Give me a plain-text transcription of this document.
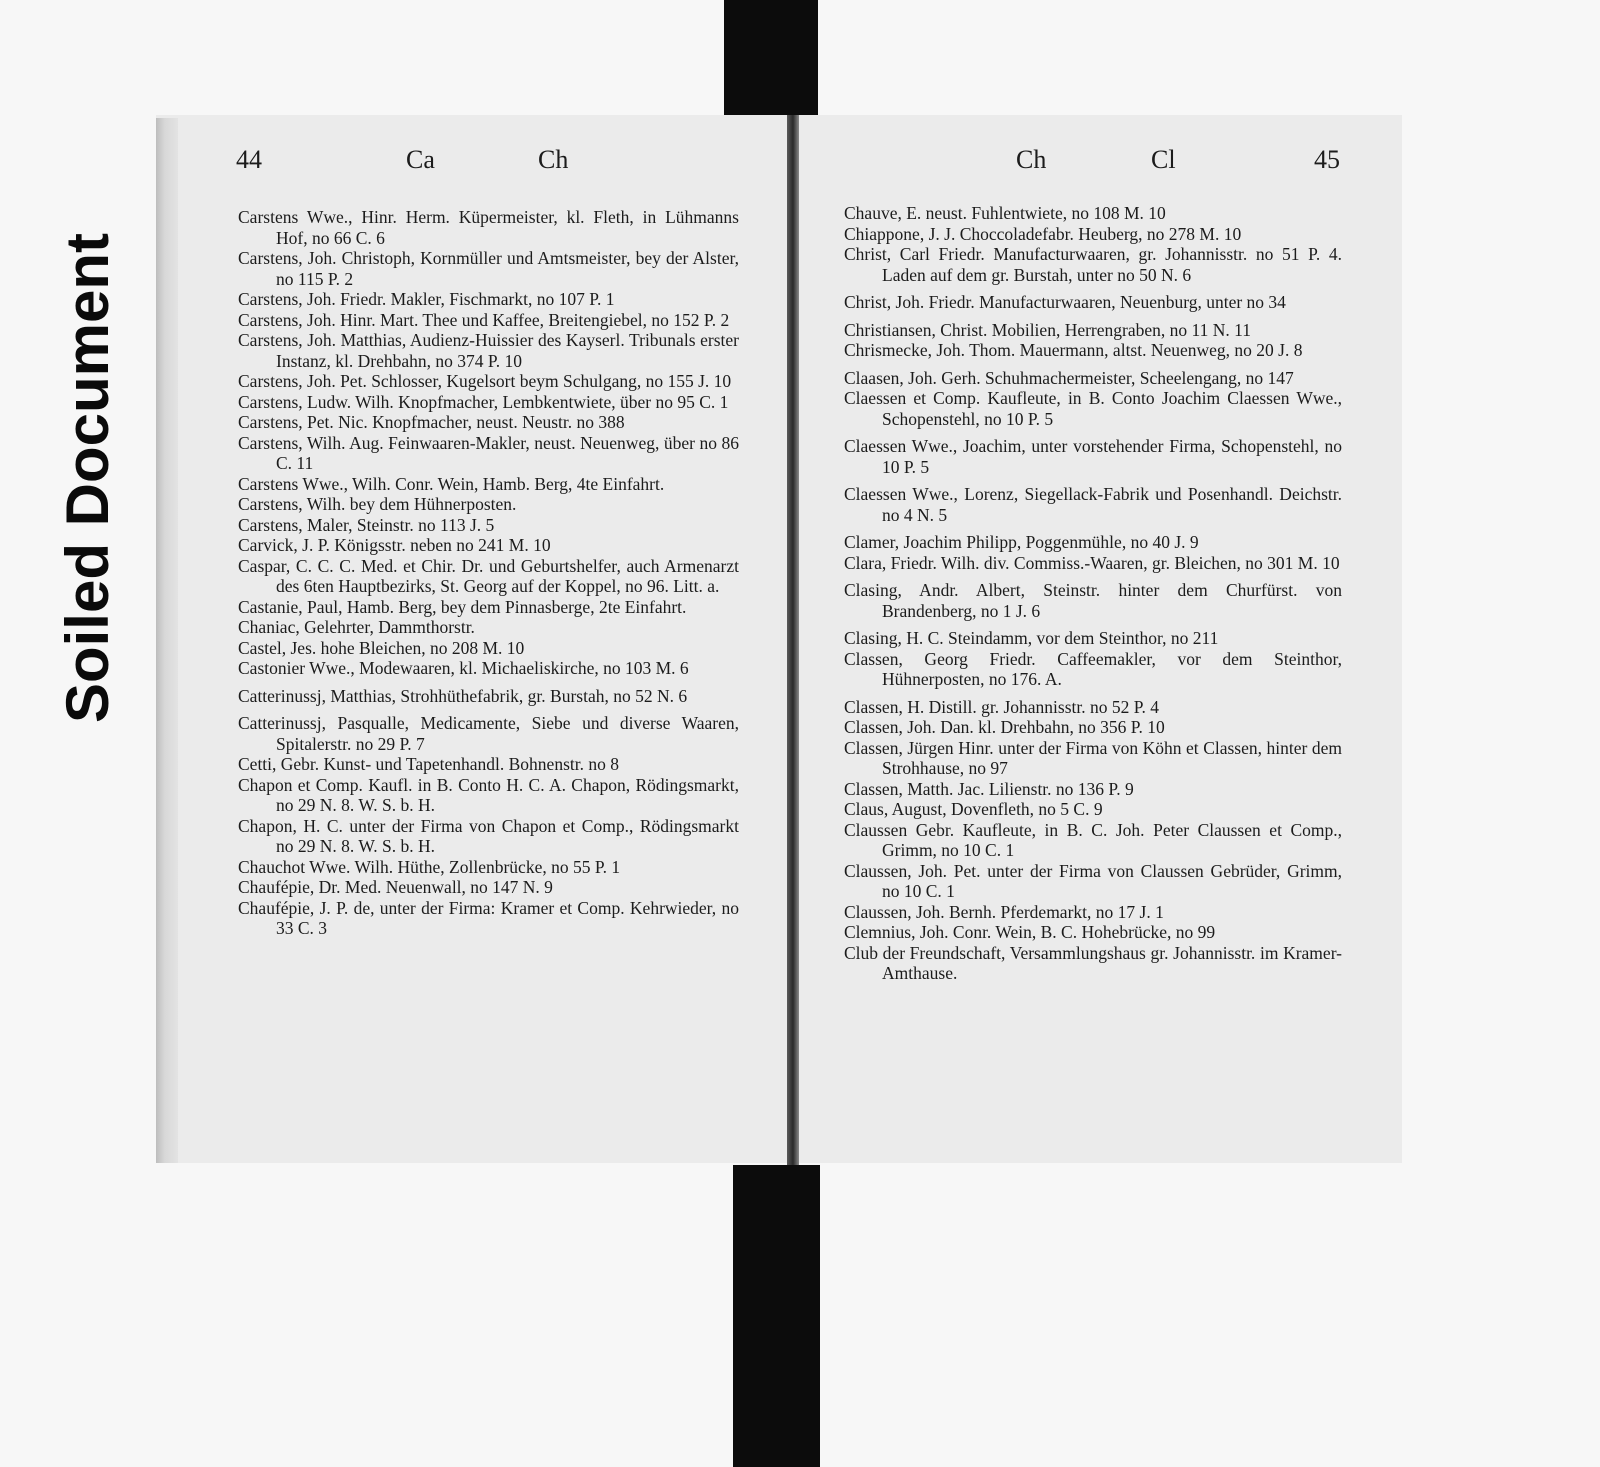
Soiled Document
44	Ca	Ch

Carstens Wwe., Hinr. Herm. Küpermeister, kl. Fleth, in Lühmanns Hof, no 66 C. 6

Carstens, Joh. Christoph, Kornmüller und Amtsmeister, bey der Alster, no 115 P. 2

Carstens, Joh. Friedr. Makler, Fischmarkt, no 107 P. 1

Carstens, Joh. Hinr. Mart. Thee und Kaffee, Breitengiebel, no 152 P. 2

Carstens, Joh. Matthias, Audienz-Huissier des Kayserl. Tribunals erster Instanz, kl. Drehbahn, no 374 P. 10

Carstens, Joh. Pet. Schlosser, Kugelsort beym Schulgang, no 155 J. 10

Carstens, Ludw. Wilh. Knopfmacher, Lembkentwiete, über no 95 C. 1

Carstens, Pet. Nic. Knopfmacher, neust. Neustr. no 388

Carstens, Wilh. Aug. Feinwaaren-Makler, neust. Neuenweg, über no 86 C. 11

Carstens Wwe., Wilh. Conr. Wein, Hamb. Berg, 4te Einfahrt.

Carstens, Wilh. bey dem Hühnerposten.

Carstens, Maler, Steinstr. no 113 J. 5

Carvick, J. P. Königsstr. neben no 241 M. 10

Caspar, C. C. C. Med. et Chir. Dr. und Geburtshelfer, auch Armenarzt des 6ten Hauptbezirks, St. Georg auf der Koppel, no 96. Litt. a.

Castanie, Paul, Hamb. Berg, bey dem Pinnasberge, 2te Einfahrt.

Chaniac, Gelehrter, Dammthorstr.

Castel, Jes. hohe Bleichen, no 208 M. 10

Castonier Wwe., Modewaaren, kl. Michaeliskirche, no 103 M. 6

Catterinussj, Matthias, Strohhüthefabrik, gr. Burstah, no 52 N. 6

Catterinussj, Pasqualle, Medicamente, Siebe und diverse Waaren, Spitalerstr. no 29 P. 7

Cetti, Gebr. Kunst- und Tapetenhandl. Bohnenstr. no 8

Chapon et Comp. Kaufl. in B. Conto H. C. A. Chapon, Rödingsmarkt, no 29 N. 8. W. S. b. H.

Chapon, H. C. unter der Firma von Chapon et Comp., Rödingsmarkt no 29 N. 8. W. S. b. H.

Chauchot Wwe. Wilh. Hüthe, Zollenbrücke, no 55 P. 1

Chaufépie, Dr. Med. Neuenwall, no 147 N. 9

Chaufépie, J. P. de, unter der Firma: Kramer et Comp. Kehrwieder, no 33 C. 3

Ch	Cl	45

Chauve, E. neust. Fuhlentwiete, no 108 M. 10

Chiappone, J. J. Choccoladefabr. Heuberg, no 278 M. 10

Christ, Carl Friedr. Manufacturwaaren, gr. Johannisstr. no 51 P. 4. Laden auf dem gr. Burstah, unter no 50 N. 6

Christ, Joh. Friedr. Manufacturwaaren, Neuenburg, unter no 34

Christiansen, Christ. Mobilien, Herrengraben, no 11 N. 11

Chrismecke, Joh. Thom. Mauermann, altst. Neuenweg, no 20 J. 8

Claasen, Joh. Gerh. Schuhmachermeister, Scheelengang, no 147

Claessen et Comp. Kaufleute, in B. Conto Joachim Claessen Wwe., Schopenstehl, no 10 P. 5

Claessen Wwe., Joachim, unter vorstehender Firma, Schopenstehl, no 10 P. 5

Claessen Wwe., Lorenz, Siegellack-Fabrik und Posenhandl. Deichstr. no 4 N. 5

Clamer, Joachim Philipp, Poggenmühle, no 40 J. 9

Clara, Friedr. Wilh. div. Commiss.-Waaren, gr. Bleichen, no 301 M. 10

Clasing, Andr. Albert, Steinstr. hinter dem Churfürst. von Brandenberg, no 1 J. 6

Clasing, H. C. Steindamm, vor dem Steinthor, no 211

Classen, Georg Friedr. Caffeemakler, vor dem Steinthor, Hühnerposten, no 176. A.

Classen, H. Distill. gr. Johannisstr. no 52 P. 4

Classen, Joh. Dan. kl. Drehbahn, no 356 P. 10

Classen, Jürgen Hinr. unter der Firma von Köhn et Classen, hinter dem Strohhause, no 97

Classen, Matth. Jac. Lilienstr. no 136 P. 9

Claus, August, Dovenfleth, no 5 C. 9

Claussen Gebr. Kaufleute, in B. C. Joh. Peter Claussen et Comp., Grimm, no 10 C. 1

Claussen, Joh. Pet. unter der Firma von Claussen Gebrüder, Grimm, no 10 C. 1

Claussen, Joh. Bernh. Pferdemarkt, no 17 J. 1

Clemnius, Joh. Conr. Wein, B. C. Hohebrücke, no 99

Club der Freundschaft, Versammlungshaus gr. Johannisstr. im Kramer-Amthause.
